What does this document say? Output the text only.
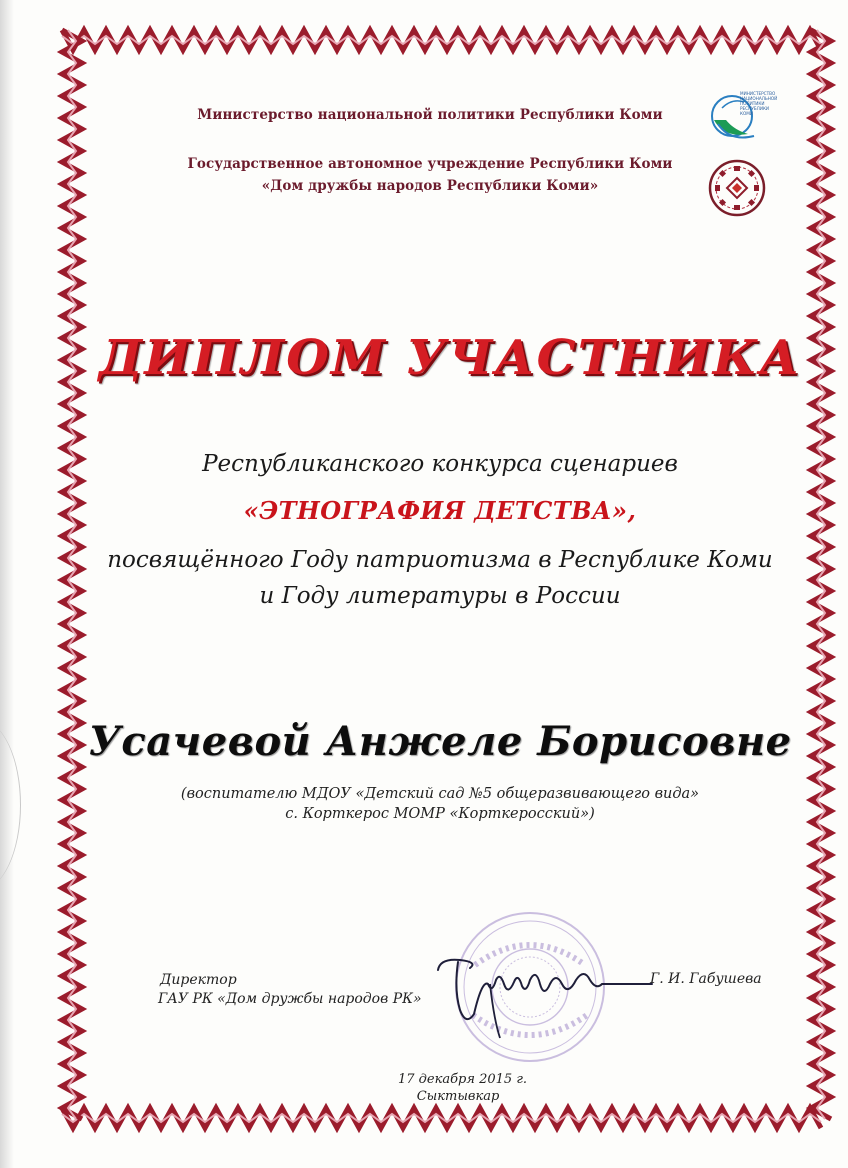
Министерство национальной политики Республики Коми
Государственное автономное учреждение Республики Коми
«Дом дружбы народов Республики Коми»
МИНИСТЕРСТВО
НАЦИОНАЛЬНОЙ
ПОЛИТИКИ
РЕСПУБЛИКИ
КОМИ
ДИПЛОМ УЧАСТНИКА
Республиканского конкурса сценариев
«ЭТНОГРАФИЯ ДЕТСТВА»,
посвящённого Году патриотизма в Республике Коми
и Году литературы в России
Усачевой Анжеле Борисовне
(воспитателю МДОУ «Детский сад №5 общеразвивающего вида»
с. Корткерос МОМР «Корткеросский»)
Директор
ГАУ РК «Дом дружбы народов РК»
Г. И. Габушева
17 декабря 2015 г.
Сыктывкар
